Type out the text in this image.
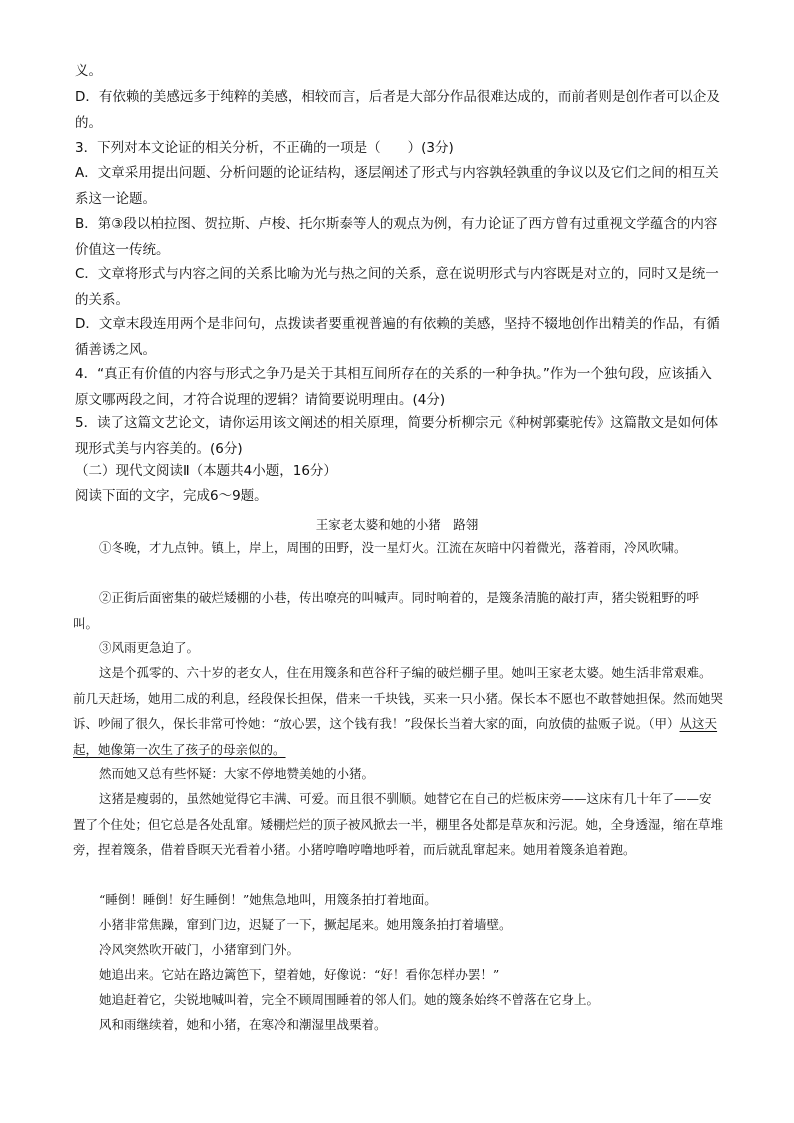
义。
D．有依赖的美感远多于纯粹的美感，相较而言，后者是大部分作品很难达成的，而前者则是创作者可以企及的。
3．下列对本文论证的相关分析，不正确的一项是（　　）(3分)
A．文章采用提出问题、分析问题的论证结构，逐层阐述了形式与内容孰轻孰重的争议以及它们之间的相互关系这一论题。
B．第③段以柏拉图、贺拉斯、卢梭、托尔斯泰等人的观点为例，有力论证了西方曾有过重视文学蕴含的内容价值这一传统。
C．文章将形式与内容之间的关系比喻为光与热之间的关系，意在说明形式与内容既是对立的，同时又是统一的关系。
D．文章末段连用两个是非问句，点拨读者要重视普遍的有依赖的美感，坚持不辍地创作出精美的作品，有循循善诱之风。
4．“真正有价值的内容与形式之争乃是关于其相互间所存在的关系的一种争执。”作为一个独句段，应该插入原文哪两段之间，才符合说理的逻辑？请简要说明理由。(4分)
5．读了这篇文艺论文，请你运用该文阐述的相关原理，简要分析柳宗元《种树郭橐驼传》这篇散文是如何体现形式美与内容美的。(6分)
（二）现代文阅读Ⅱ（本题共4小题，16分）
阅读下面的文字，完成6～9题。
王家老太婆和她的小猪　路翎
①冬晚，才九点钟。镇上，岸上，周围的田野，没一星灯火。江流在灰暗中闪着微光，落着雨，冷风吹啸。
②正街后面密集的破烂矮棚的小巷，传出嘹亮的叫喊声。同时响着的，是篾条清脆的敲打声，猪尖锐粗野的呼叫。
③风雨更急迫了。
这是个孤零的、六十岁的老女人，住在用篾条和芭谷秆子编的破烂棚子里。她叫王家老太婆。她生活非常艰难。前几天赶场，她用二成的利息，经段保长担保，借来一千块钱，买来一只小猪。保长本不愿也不敢替她担保。然而她哭诉、吵闹了很久，保长非常可怜她：“放心罢，这个钱有我！”段保长当着大家的面，向放债的盐贩子说。（甲）从这天起，她像第一次生了孩子的母亲似的。
然而她又总有些怀疑：大家不停地赞美她的小猪。
这猪是瘦弱的，虽然她觉得它丰满、可爱。而且很不驯顺。她替它在自己的烂板床旁——这床有几十年了——安置了个住处；但它总是各处乱窜。矮棚烂烂的顶子被风掀去一半，棚里各处都是草灰和污泥。她，全身透湿，缩在草堆旁，捏着篾条，借着昏暝天光看着小猪。小猪哼噜哼噜地呼着，而后就乱窜起来。她用着篾条追着跑。
“睡倒！睡倒！好生睡倒！”她焦急地叫，用篾条拍打着地面。
小猪非常焦躁，窜到门边，迟疑了一下，撅起尾来。她用篾条拍打着墙壁。
冷风突然吹开破门，小猪窜到门外。
她追出来。它站在路边篱笆下，望着她，好像说：“好！看你怎样办罢！”
她追赶着它，尖锐地喊叫着，完全不顾周围睡着的邻人们。她的篾条始终不曾落在它身上。
风和雨继续着，她和小猪，在寒冷和潮湿里战栗着。
